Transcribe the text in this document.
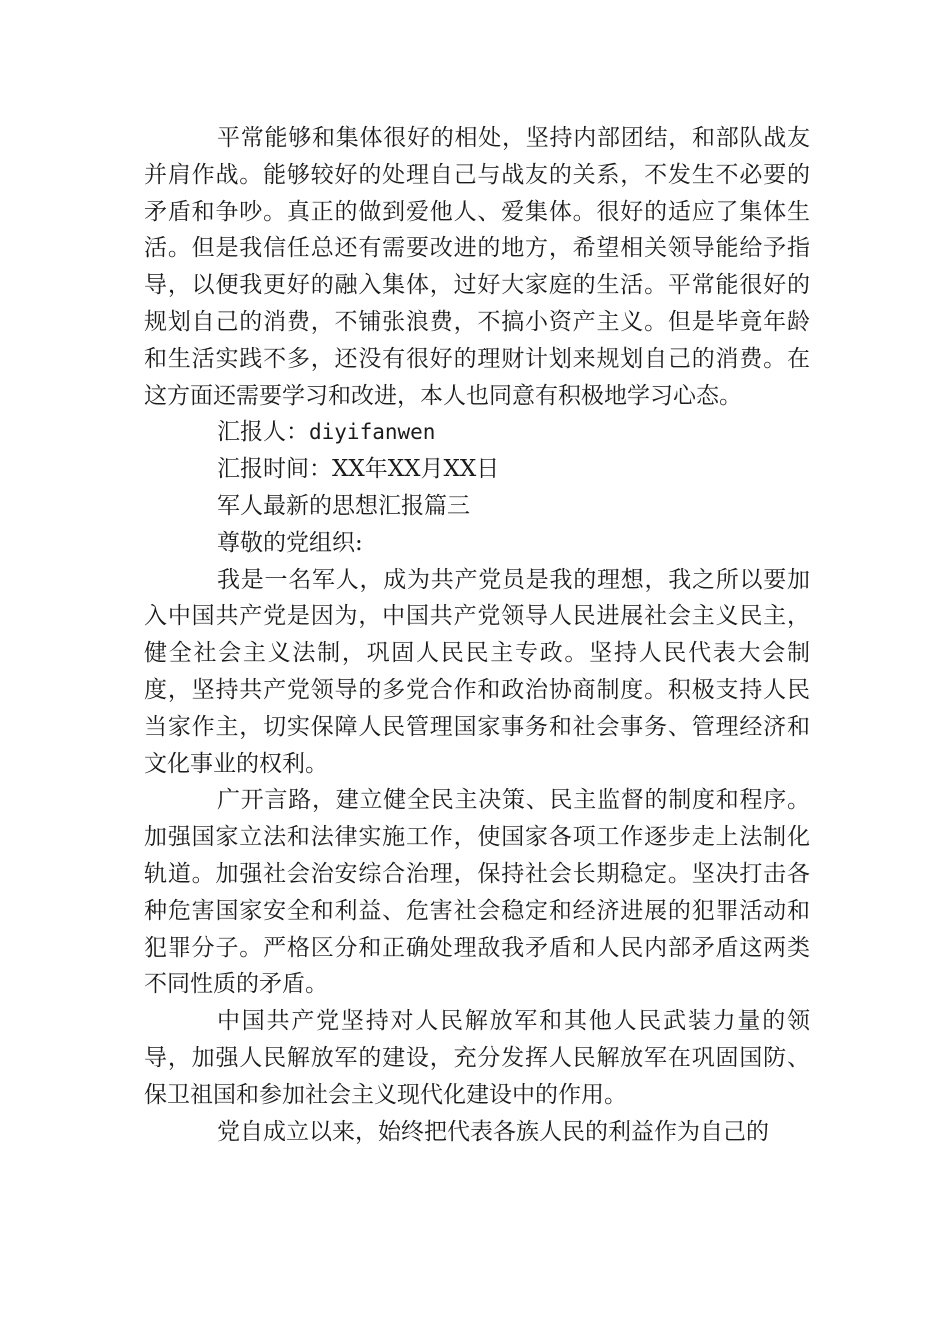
平常能够和集体很好的相处，坚持内部团结，和部队战友并肩作战。能够较好的处理自己与战友的关系，不发生不必要的矛盾和争吵。真正的做到爱他人、爱集体。很好的适应了集体生活。但是我信任总还有需要改进的地方，希望相关领导能给予指导，以便我更好的融入集体，过好大家庭的生活。平常能很好的规划自己的消费，不铺张浪费，不搞小资产主义。但是毕竟年龄和生活实践不多，还没有很好的理财计划来规划自己的消费。在这方面还需要学习和改进，本人也同意有积极地学习心态。

汇报人：diyifanwen

汇报时间：XX年XX月XX日

军人最新的思想汇报篇三

尊敬的党组织:

我是一名军人，成为共产党员是我的理想，我之所以要加入中国共产党是因为，中国共产党领导人民进展社会主义民主，健全社会主义法制，巩固人民民主专政。坚持人民代表大会制度，坚持共产党领导的多党合作和政治协商制度。积极支持人民当家作主，切实保障人民管理国家事务和社会事务、管理经济和文化事业的权利。

广开言路，建立健全民主决策、民主监督的制度和程序。加强国家立法和法律实施工作，使国家各项工作逐步走上法制化轨道。加强社会治安综合治理，保持社会长期稳定。坚决打击各种危害国家安全和利益、危害社会稳定和经济进展的犯罪活动和犯罪分子。严格区分和正确处理敌我矛盾和人民内部矛盾这两类不同性质的矛盾。

中国共产党坚持对人民解放军和其他人民武装力量的领导，加强人民解放军的建设，充分发挥人民解放军在巩固国防、保卫祖国和参加社会主义现代化建设中的作用。

党自成立以来，始终把代表各族人民的利益作为自己的
